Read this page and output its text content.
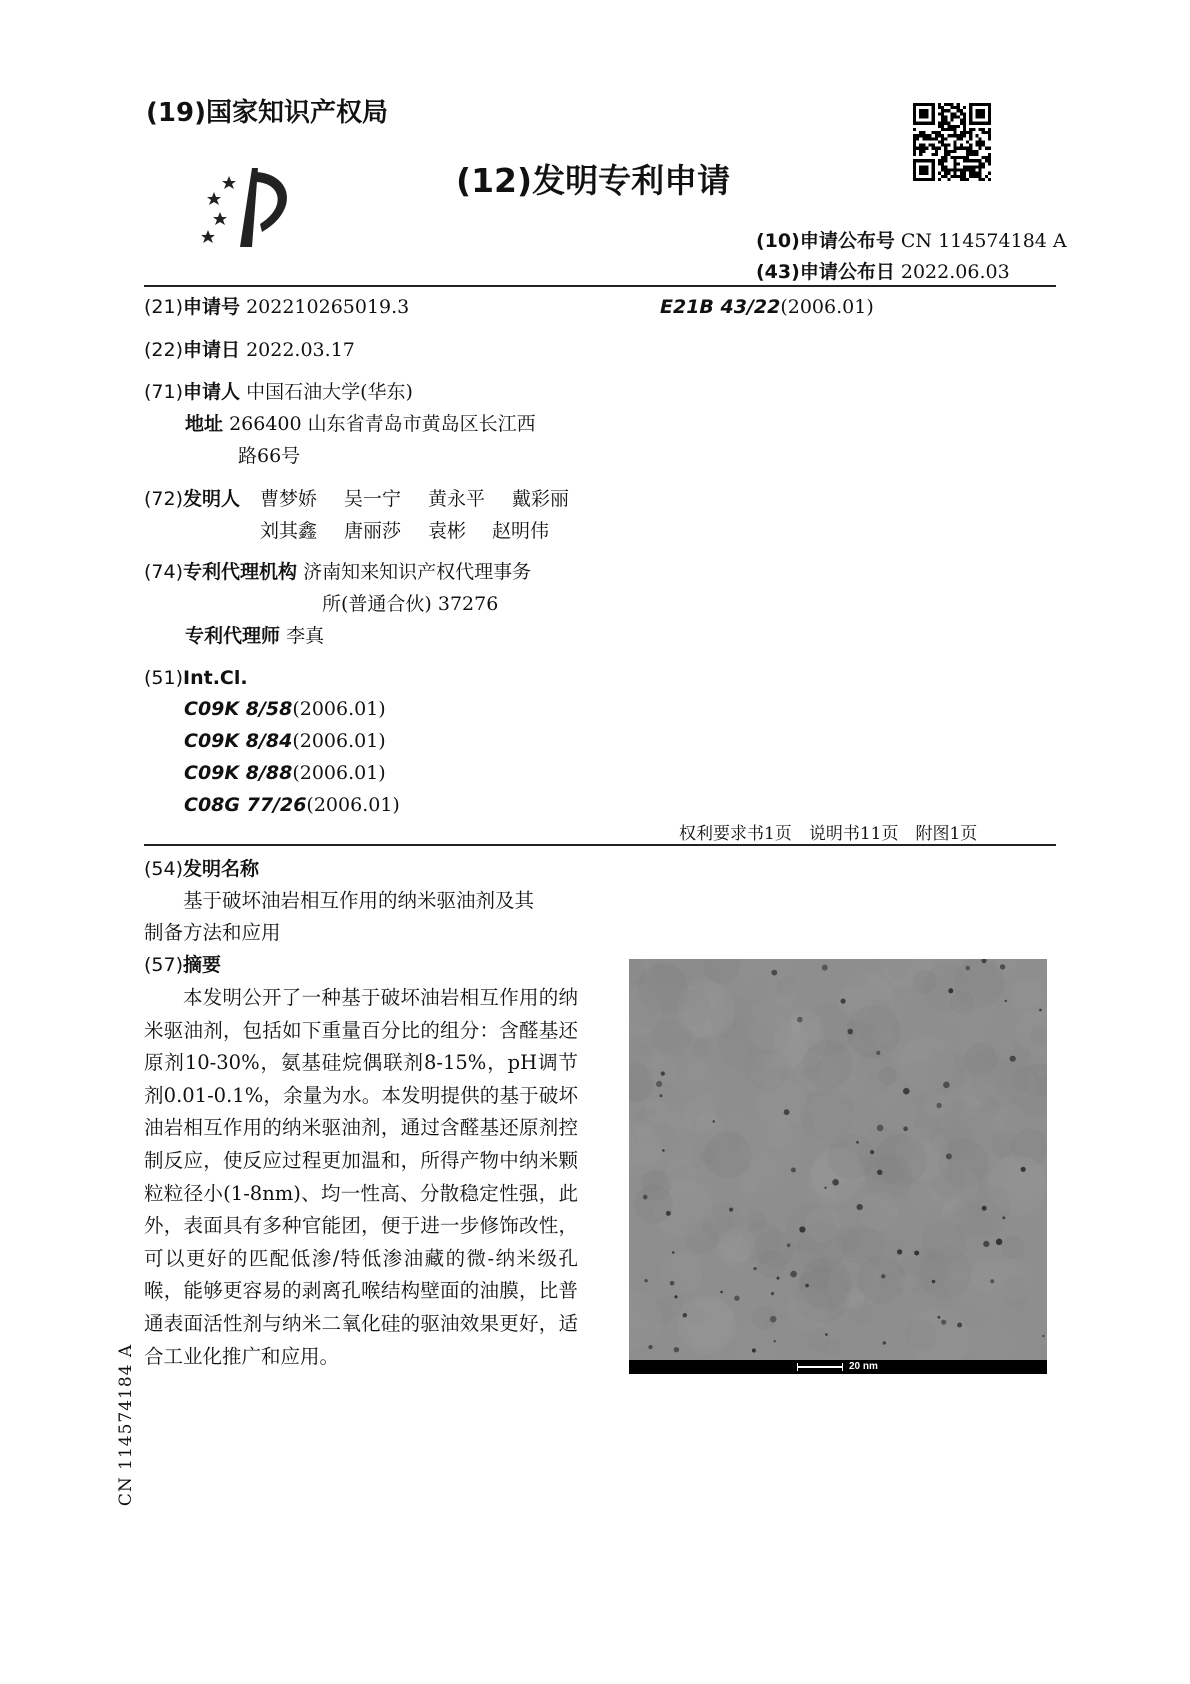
(19)国家知识产权局
(12)发明专利申请
(10)申请公布号 CN 114574184 A
(43)申请公布日 2022.06.03
(21)申请号 202210265019.3	E21B 43/22(2006.01)
(22)申请日 2022.03.17
(71)申请人 中国石油大学(华东)
地址 266400 山东省青岛市黄岛区长江西
路66号
(72)发明人 曹梦娇 吴一宁 黄永平 戴彩丽
刘其鑫 唐丽莎 袁彬 赵明伟
(74)专利代理机构 济南知来知识产权代理事务
所(普通合伙) 37276
专利代理师 李真
(51)Int.Cl.
C09K 8/58(2006.01)
C09K 8/84(2006.01)
C09K 8/88(2006.01)
C08G 77/26(2006.01)
权利要求书1页　说明书11页　附图1页
(54)发明名称
基于破坏油岩相互作用的纳米驱油剂及其
制备方法和应用
(57)摘要
本发明公开了一种基于破坏油岩相互作用的纳米驱油剂，包括如下重量百分比的组分：含醛基还原剂10-30%，氨基硅烷偶联剂8-15%，pH调节剂0.01-0.1%，余量为水。本发明提供的基于破坏油岩相互作用的纳米驱油剂，通过含醛基还原剂控制反应，使反应过程更加温和，所得产物中纳米颗粒粒径小(1-8nm)、均一性高、分散稳定性强，此外，表面具有多种官能团，便于进一步修饰改性，可以更好的匹配低渗/特低渗油藏的微-纳米级孔喉，能够更容易的剥离孔喉结构壁面的油膜，比普通表面活性剂与纳米二氧化硅的驱油效果更好，适合工业化推广和应用。	20 nm
CN 114574184 A
